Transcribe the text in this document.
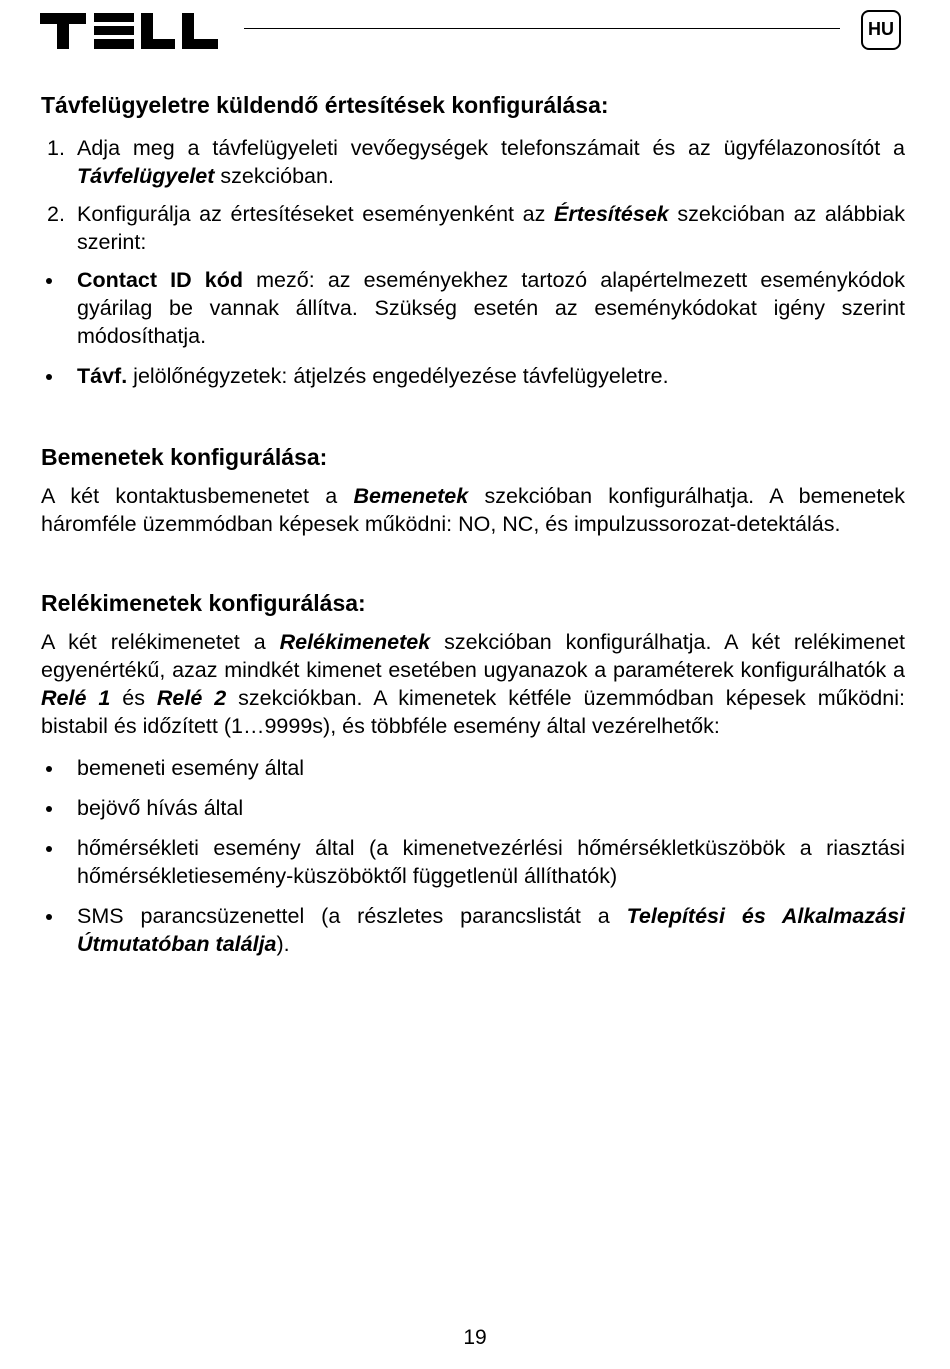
HU
Távfelügyeletre küldendő értesítések konfigurálása:
1. Adja meg a távfelügyeleti vevőegységek telefonszámait és az ügyfélazonosítót a Távfelügyelet szekcióban.
2. Konfigurálja az értesítéseket eseményenként az Értesítések szekcióban az alábbiak szerint:
Contact ID kód mező: az eseményekhez tartozó alapértelmezett eseménykódok gyárilag be vannak állítva. Szükség esetén az eseménykódokat igény szerint módosíthatja.
Távf. jelölőnégyzetek: átjelzés engedélyezése távfelügyeletre.
Bemenetek konfigurálása:

A két kontaktusbemenetet a Bemenetek szekcióban konfigurálhatja. A bemenetek háromféle üzemmódban képesek működni: NO, NC, és impulzussorozat-detektálás.

Relékimenetek konfigurálása:

A két relékimenetet a Relékimenetek szekcióban konfigurálhatja. A két relékimenet egyenértékű, azaz mindkét kimenet esetében ugyanazok a paraméterek konfigurálhatók a Relé 1 és Relé 2 szekciókban. A kimenetek kétféle üzemmódban képesek működni: bistabil és időzített (1…9999s), és többféle esemény által vezérelhetők:

bemeneti esemény által
bejövő hívás által
hőmérsékleti esemény által (a kimenetvezérlési hőmérsékletküszöbök a riasztási hőmérsékletiesemény-küszöböktől függetlenül állíthatók)
SMS parancsüzenettel (a részletes parancslistát a Telepítési és Alkalmazási Útmutatóban találja).
19
